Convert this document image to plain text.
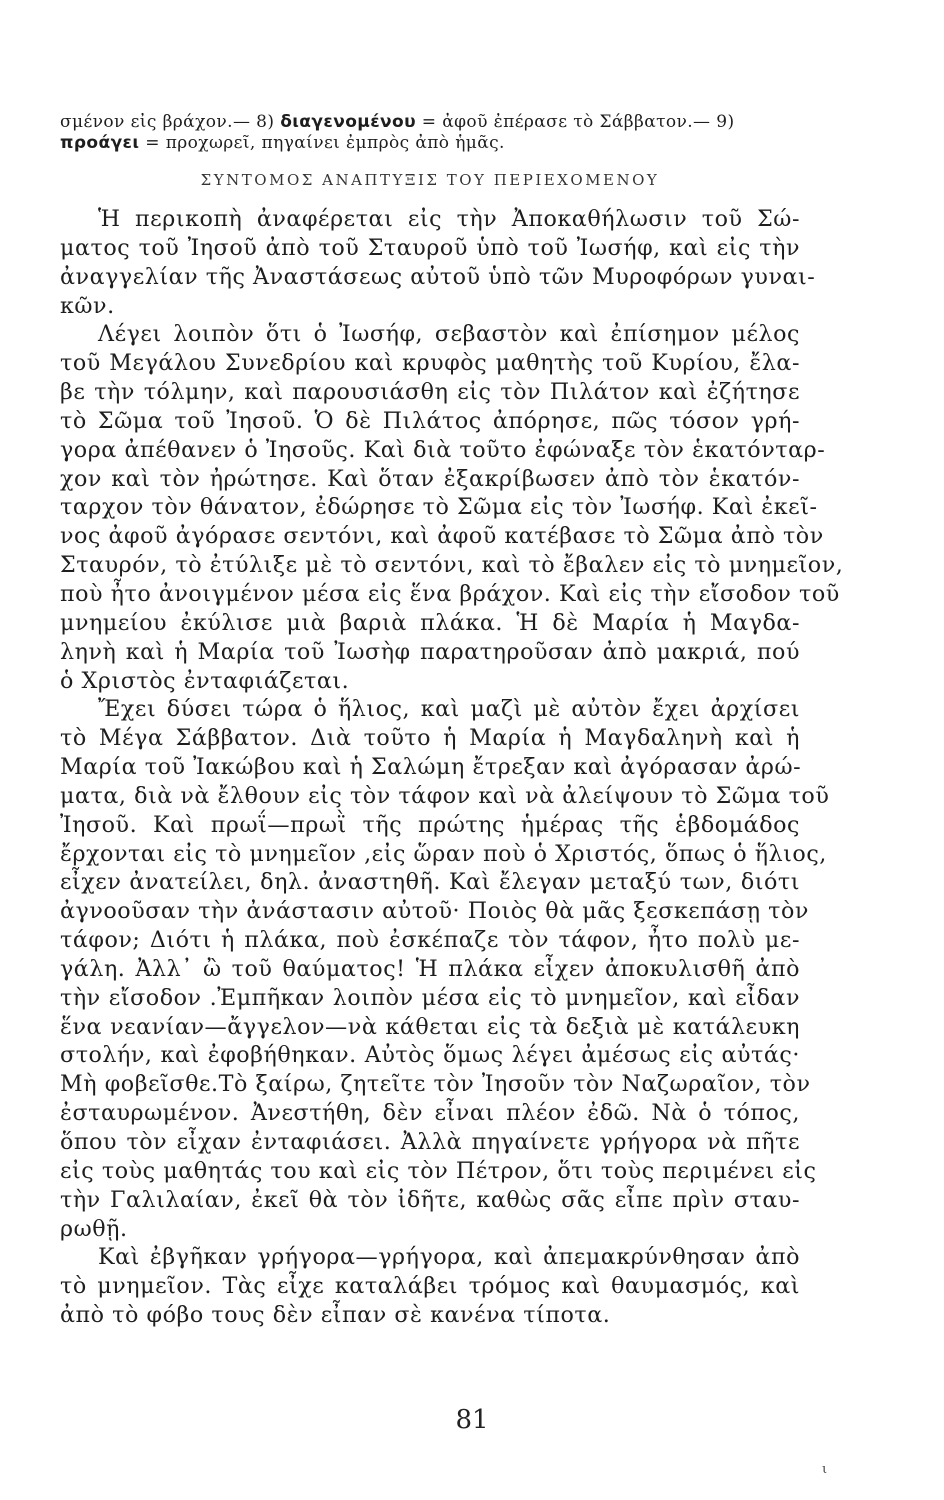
σμένον εἰς βράχον.— 8) διαγενομένου = ἀφοῦ ἐπέρασε τὸ Σάββατον.— 9)
προάγει = προχωρεῖ, πηγαίνει ἐμπρὸς ἀπὸ ἡμᾶς.
ΣΥΝΤΟΜΟΣ ΑΝΑΠΤΥΞΙΣ ΤΟΥ ΠΕΡΙΕΧΟΜΕΝΟΥ
Ἡ περικοπὴ ἀναφέρεται εἰς τὴν Ἀποκαθήλωσιν τοῦ Σώ-
ματος τοῦ Ἰησοῦ ἀπὸ τοῦ Σταυροῦ ὑπὸ τοῦ Ἰωσήφ, καὶ εἰς τὴν
ἀναγγελίαν τῆς Ἀναστάσεως αὐτοῦ ὑπὸ τῶν Μυροφόρων γυναι-
κῶν.
Λέγει λοιπὸν ὅτι ὁ Ἰωσήφ, σεβαστὸν καὶ ἐπίσημον μέλος
τοῦ Μεγάλου Συνεδρίου καὶ κρυφὸς μαθητὴς τοῦ Κυρίου, ἔλα-
βε τὴν τόλμην, καὶ παρουσιάσθη εἰς τὸν Πιλάτον καὶ ἐζήτησε
τὸ Σῶμα τοῦ Ἰησοῦ. Ὁ δὲ Πιλάτος ἀπόρησε, πῶς τόσον γρή-
γορα ἀπέθανεν ὁ Ἰησοῦς. Καὶ διὰ τοῦτο ἐφώναξε τὸν ἑκατόνταρ-
χον καὶ τὸν ἠρώτησε. Καὶ ὅταν ἐξακρίβωσεν ἀπὸ τὸν ἑκατόν-
ταρχον τὸν θάνατον, ἐδώρησε τὸ Σῶμα εἰς τὸν Ἰωσήφ. Καὶ ἐκεῖ-
νος ἀφοῦ ἀγόρασε σεντόνι, καὶ ἀφοῦ κατέβασε τὸ Σῶμα ἀπὸ τὸν
Σταυρόν, τὸ ἐτύλιξε μὲ τὸ σεντόνι, καὶ τὸ ἔβαλεν εἰς τὸ μνημεῖον,
ποὺ ἦτο ἀνοιγμένον μέσα εἰς ἕνα βράχον. Καὶ εἰς τὴν εἴσοδον τοῦ
μνημείου ἐκύλισε μιὰ βαριὰ πλάκα. Ἡ δὲ Μαρία ἡ Μαγδα-
ληνὴ καὶ ἡ Μαρία τοῦ Ἰωσὴφ παρατηροῦσαν ἀπὸ μακριά, πού
ὁ Χριστὸς ἐνταφιάζεται.
Ἔχει δύσει τώρα ὁ ἥλιος, καὶ μαζὶ μὲ αὐτὸν ἔχει ἀρχίσει
τὸ Μέγα Σάββατον. Διὰ τοῦτο ἡ Μαρία ἡ Μαγδαληνὴ καὶ ἡ
Μαρία τοῦ Ἰακώβου καὶ ἡ Σαλώμη ἔτρεξαν καὶ ἀγόρασαν ἀρώ-
ματα, διὰ νὰ ἔλθουν εἰς τὸν τάφον καὶ νὰ ἀλείψουν τὸ Σῶμα τοῦ
Ἰησοῦ. Καὶ πρωΐ—πρωῒ τῆς πρώτης ἡμέρας τῆς ἑβδομάδος
ἔρχονται εἰς τὸ μνημεῖον ,εἰς ὥραν ποὺ ὁ Χριστός, ὅπως ὁ ἥλιος,
εἶχεν ἀνατείλει, δηλ. ἀναστηθῆ. Καὶ ἔλεγαν μεταξύ των, διότι
ἀγνοοῦσαν τὴν ἀνάστασιν αὐτοῦ· Ποιὸς θὰ μᾶς ξεσκεπάσῃ τὸν
τάφον; Διότι ἡ πλάκα, ποὺ ἐσκέπαζε τὸν τάφον, ἦτο πολὺ με-
γάλη. Ἀλλ᾽ ὢ τοῦ θαύματος! Ἡ πλάκα εἶχεν ἀποκυλισθῆ ἀπὸ
τὴν εἴσοδον .Ἐμπῆκαν λοιπὸν μέσα εἰς τὸ μνημεῖον, καὶ εἶδαν
ἕνα νεανίαν—ἄγγελον—νὰ κάθεται εἰς τὰ δεξιὰ μὲ κατάλευκη
στολήν, καὶ ἐφοβήθηκαν. Αὐτὸς ὅμως λέγει ἀμέσως εἰς αὐτάς·
Μὴ φοβεῖσθε.Τὸ ξαίρω, ζητεῖτε τὸν Ἰησοῦν τὸν Ναζωραῖον, τὸν
ἐσταυρωμένον. Ἀνεστήθη, δὲν εἶναι πλέον ἐδῶ. Νὰ ὁ τόπος,
ὅπου τὸν εἶχαν ἐνταφιάσει. Ἀλλὰ πηγαίνετε γρήγορα νὰ πῆτε
εἰς τοὺς μαθητάς του καὶ εἰς τὸν Πέτρον, ὅτι τοὺς περιμένει εἰς
τὴν Γαλιλαίαν, ἐκεῖ θὰ τὸν ἰδῆτε, καθὼς σᾶς εἶπε πρὶν σταυ-
ρωθῇ.
Καὶ ἐβγῆκαν γρήγορα—γρήγορα, καὶ ἀπεμακρύνθησαν ἀπὸ
τὸ μνημεῖον. Τὰς εἶχε καταλάβει τρόμος καὶ θαυμασμός, καὶ
ἀπὸ τὸ φόβο τους δὲν εἶπαν σὲ κανένα τίποτα.
81
ι
